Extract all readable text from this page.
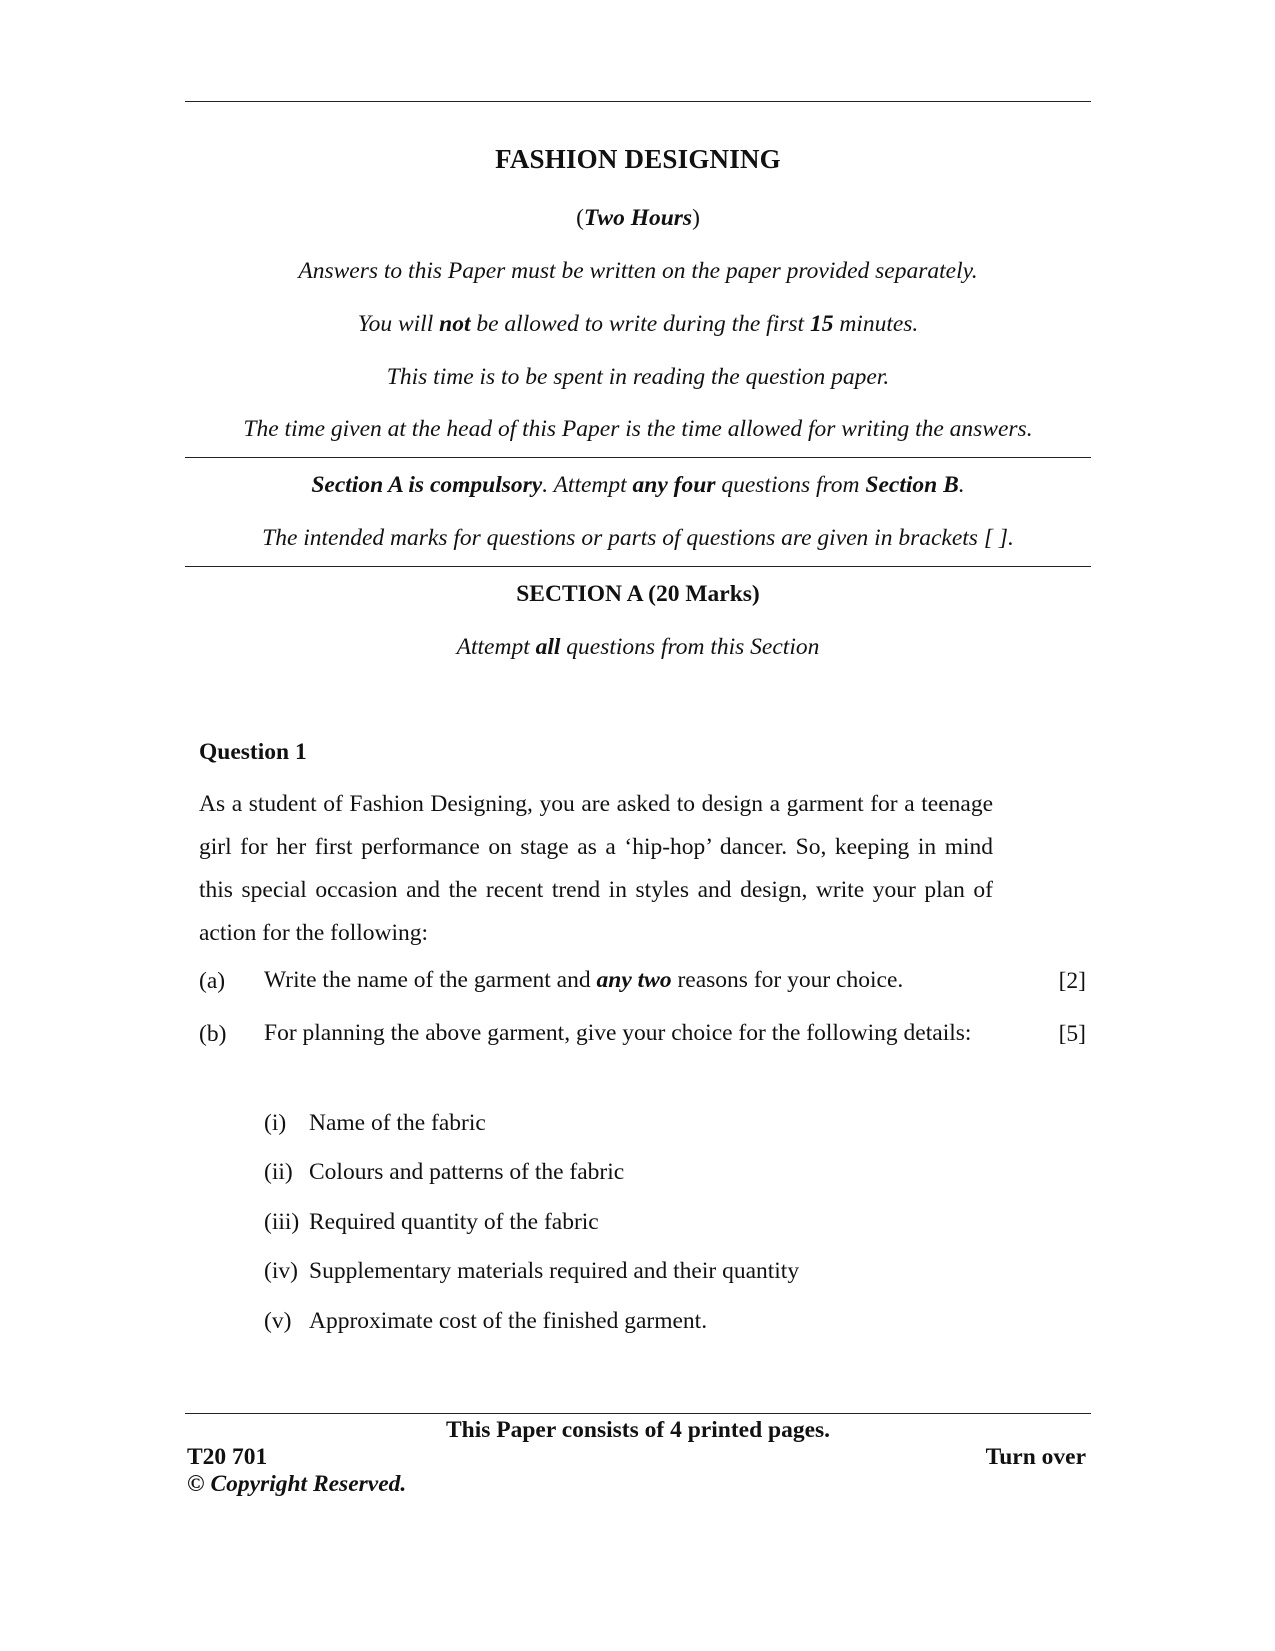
FASHION DESIGNING
(Two Hours)
Answers to this Paper must be written on the paper provided separately.
You will not be allowed to write during the first 15 minutes.
This time is to be spent in reading the question paper.
The time given at the head of this Paper is the time allowed for writing the answers.
Section A is compulsory. Attempt any four questions from Section B.
The intended marks for questions or parts of questions are given in brackets [ ].
SECTION A (20 Marks)
Attempt all questions from this Section
Question 1
As a student of Fashion Designing, you are asked to design a garment for a teenage girl for her first performance on stage as a ‘hip-hop’ dancer. So, keeping in mind this special occasion and the recent trend in styles and design, write your plan of action for the following:
(a) Write the name of the garment and any two reasons for your choice.	[2]
(b) For planning the above garment, give your choice for the following details:	[5]
(i) Name of the fabric
(ii) Colours and patterns of the fabric
(iii) Required quantity of the fabric
(iv) Supplementary materials required and their quantity
(v) Approximate cost of the finished garment.
This Paper consists of 4 printed pages.
T20 701	Turn over
© Copyright Reserved.
